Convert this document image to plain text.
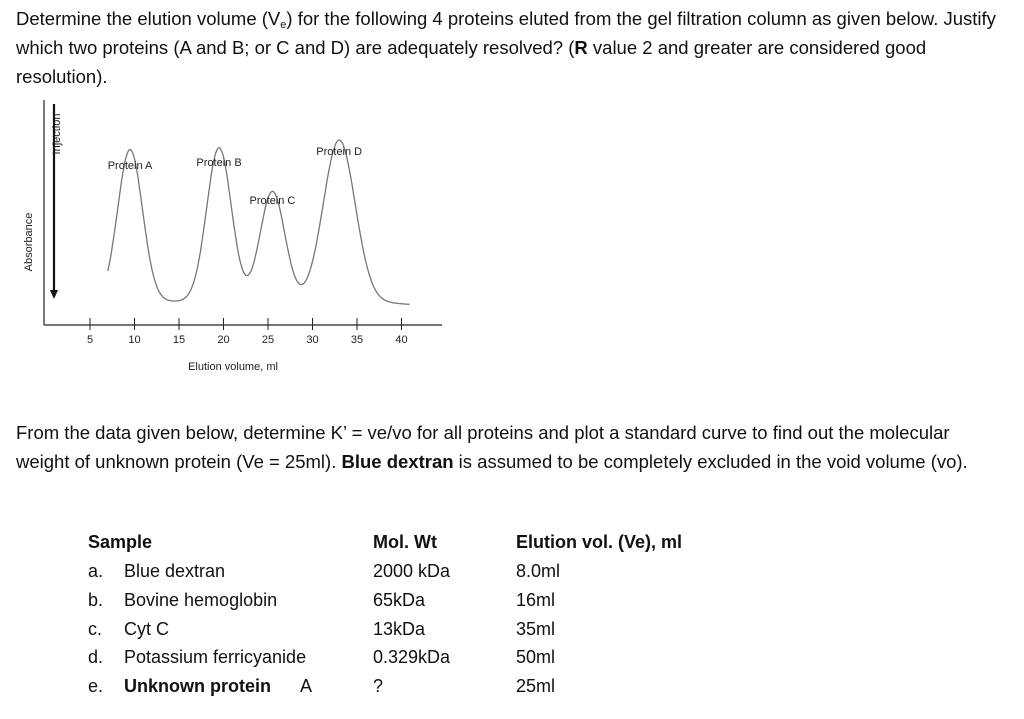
Determine the elution volume $(V_e)$ for the following 4 proteins eluted from the gel filtration column as given below. Justify which two proteins (A and B; or C and D) are adequately resolved? (R value 2 and greater are considered good resolution).

5	10	15	20	25	30	35	40
Elution volume, ml
Absorbance
Injection
Protein A	Protein B
Protein C
Protein D

From the data given below, determine K’ = ve/vo for all proteins and plot a standard curve to find out the molecular weight of unknown protein (Ve = 25ml). Blue dextran is assumed to be completely excluded in the void volume (vo).

Sample	Mol. Wt	Elution vol. (Ve), ml
a. Blue dextran	2000 kDa	8.0ml
b. Bovine hemoglobin	65kDa	16ml
c. Cyt C	13kDa	35ml
d. Potassium ferricyanide	0.329kDa	50ml
e. Unknown protein A	?	25ml
